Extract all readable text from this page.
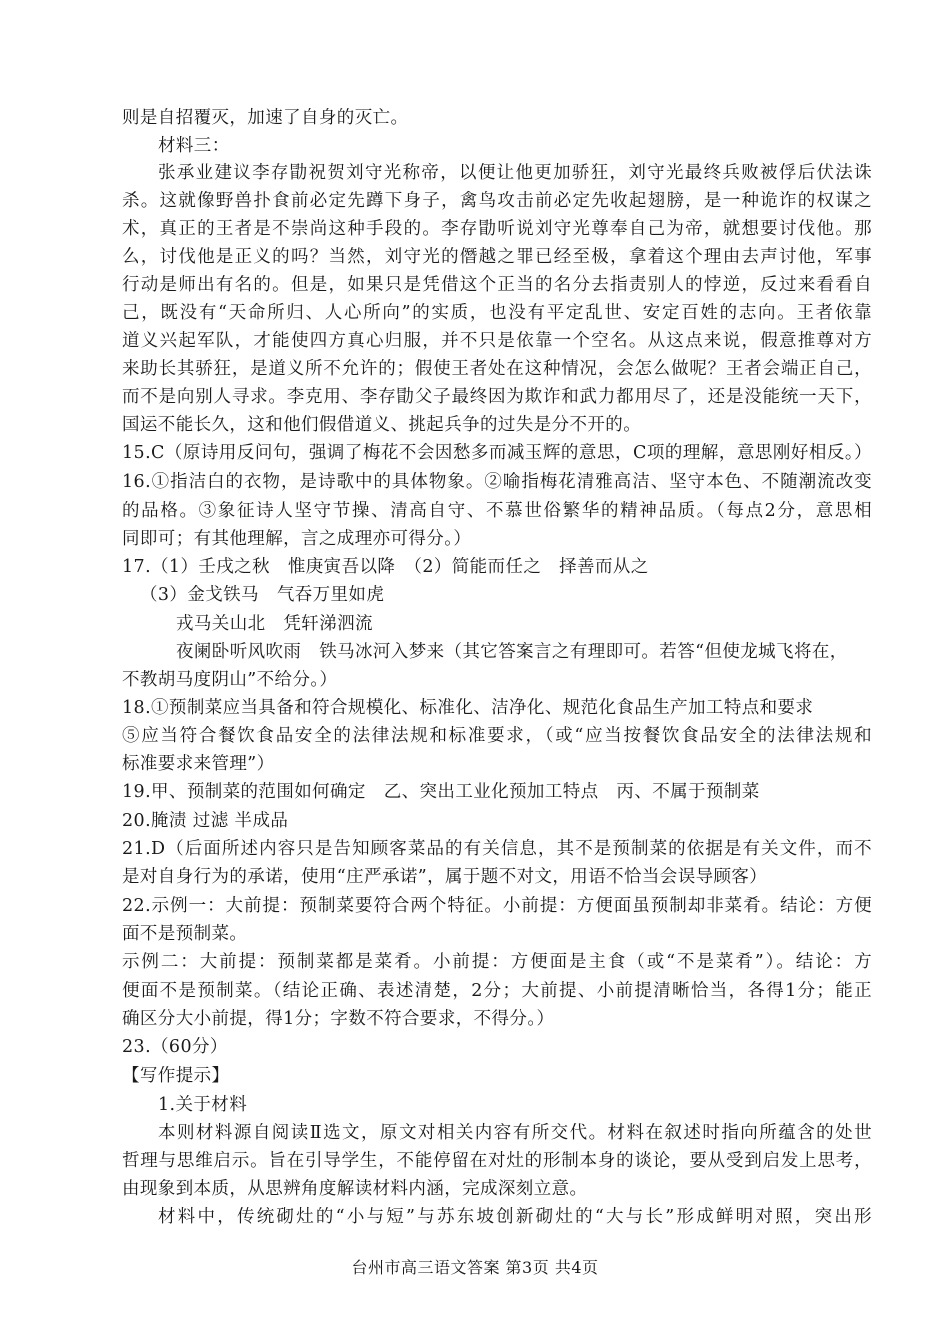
则是自招覆灭，加速了自身的灭亡。

材料三：

张承业建议李存勖祝贺刘守光称帝，以便让他更加骄狂，刘守光最终兵败被俘后伏法诛

杀。这就像野兽扑食前必定先蹲下身子，禽鸟攻击前必定先收起翅膀，是一种诡诈的权谋之

术，真正的王者是不崇尚这种手段的。李存勖听说刘守光尊奉自己为帝，就想要讨伐他。那

么，讨伐他是正义的吗？当然，刘守光的僭越之罪已经至极，拿着这个理由去声讨他，军事

行动是师出有名的。但是，如果只是凭借这个正当的名分去指责别人的悖逆，反过来看看自

己，既没有“天命所归、人心所向”的实质，也没有平定乱世、安定百姓的志向。王者依靠

道义兴起军队，才能使四方真心归服，并不只是依靠一个空名。从这点来说，假意推尊对方

来助长其骄狂，是道义所不允许的；假使王者处在这种情况，会怎么做呢？王者会端正自己，

而不是向别人寻求。李克用、李存勖父子最终因为欺诈和武力都用尽了，还是没能统一天下，

国运不能长久，这和他们假借道义、挑起兵争的过失是分不开的。

15.C（原诗用反问句，强调了梅花不会因愁多而减玉辉的意思，C项的理解，意思刚好相反。）

16.①指洁白的衣物，是诗歌中的具体物象。②喻指梅花清雅高洁、坚守本色、不随潮流改变

的品格。③象征诗人坚守节操、清高自守、不慕世俗繁华的精神品质。（每点2分，意思相

同即可；有其他理解，言之成理亦可得分。）

17.（1）壬戌之秋　惟庚寅吾以降　（2）简能而任之　择善而从之

（3）金戈铁马　气吞万里如虎

戎马关山北　凭轩涕泗流

夜阑卧听风吹雨　铁马冰河入梦来（其它答案言之有理即可。若答“但使龙城飞将在，

不教胡马度阴山”不给分。）

18.①预制菜应当具备和符合规模化、标准化、洁净化、规范化食品生产加工特点和要求

⑤应当符合餐饮食品安全的法律法规和标准要求，（或“应当按餐饮食品安全的法律法规和

标准要求来管理”）

19.甲、预制菜的范围如何确定　乙、突出工业化预加工特点　丙、不属于预制菜

20.腌渍 过滤 半成品

21.D（后面所述内容只是告知顾客菜品的有关信息，其不是预制菜的依据是有关文件，而不

是对自身行为的承诺，使用“庄严承诺”，属于题不对文，用语不恰当会误导顾客）

22.示例一：大前提：预制菜要符合两个特征。小前提：方便面虽预制却非菜肴。结论：方便

面不是预制菜。

示例二：大前提：预制菜都是菜肴。小前提：方便面是主食（或“不是菜肴”）。结论：方

便面不是预制菜。（结论正确、表述清楚，2分；大前提、小前提清晰恰当，各得1分；能正

确区分大小前提，得1分；字数不符合要求，不得分。）

23.（60分）

【写作提示】

1.关于材料

本则材料源自阅读Ⅱ选文，原文对相关内容有所交代。材料在叙述时指向所蕴含的处世

哲理与思维启示。旨在引导学生，不能停留在对灶的形制本身的谈论，要从受到启发上思考，

由现象到本质，从思辨角度解读材料内涵，完成深刻立意。

材料中，传统砌灶的“小与短”与苏东坡创新砌灶的“大与长”形成鲜明对照，突出形

台州市高三语文答案 第3页 共4页
